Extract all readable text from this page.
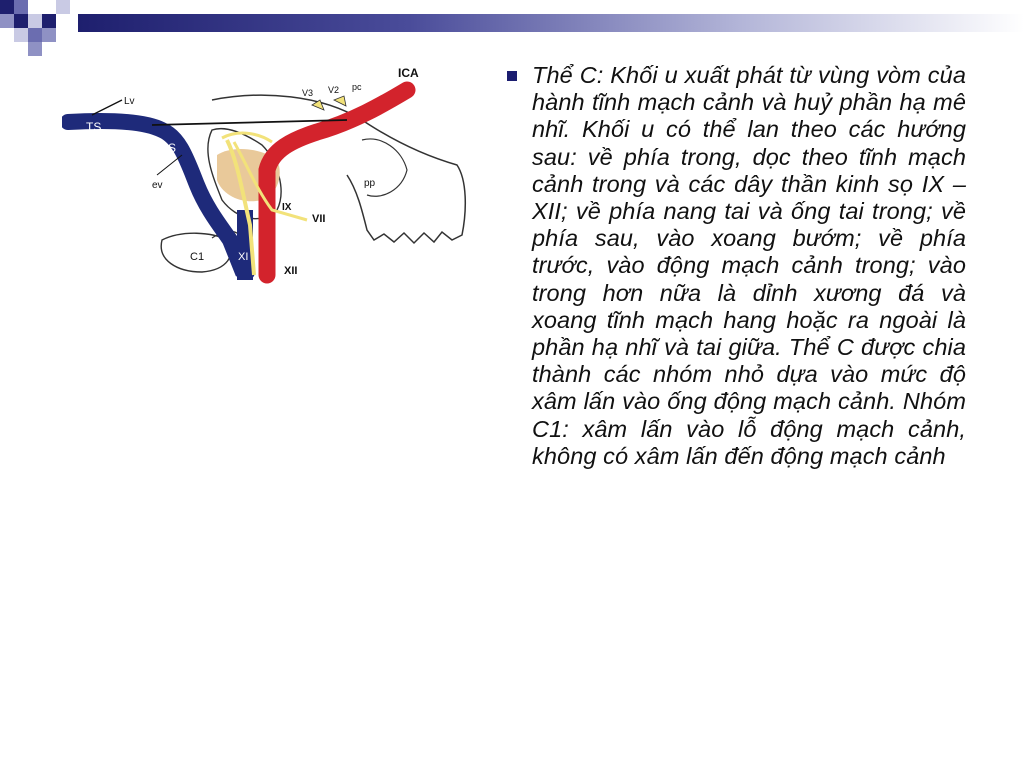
Lv
TS
SS
ev
C1	XI
XII
IX
VII
pp
V3 V2 pc
ICA	Thể C: Khối u xuất phát từ vùng vòm của hành tĩnh mạch cảnh và huỷ phần hạ mê nhĩ. Khối u có thể lan theo các hướng sau: về phía trong, dọc theo tĩnh mạch cảnh trong và các dây thần kinh sọ IX – XII; về phía nang tai và ống tai trong; về phía sau, vào xoang bướm; về phía trước, vào động mạch cảnh trong; vào trong hơn nữa là dỉnh xương đá và xoang tĩnh mạch hang hoặc ra ngoài là phần hạ nhĩ và tai giữa. Thể C được chia thành các nhóm nhỏ dựa vào mức độ xâm lấn vào ống động mạch cảnh. Nhóm C1: xâm lấn vào lỗ động mạch cảnh, không có xâm lấn đến động mạch cảnh
